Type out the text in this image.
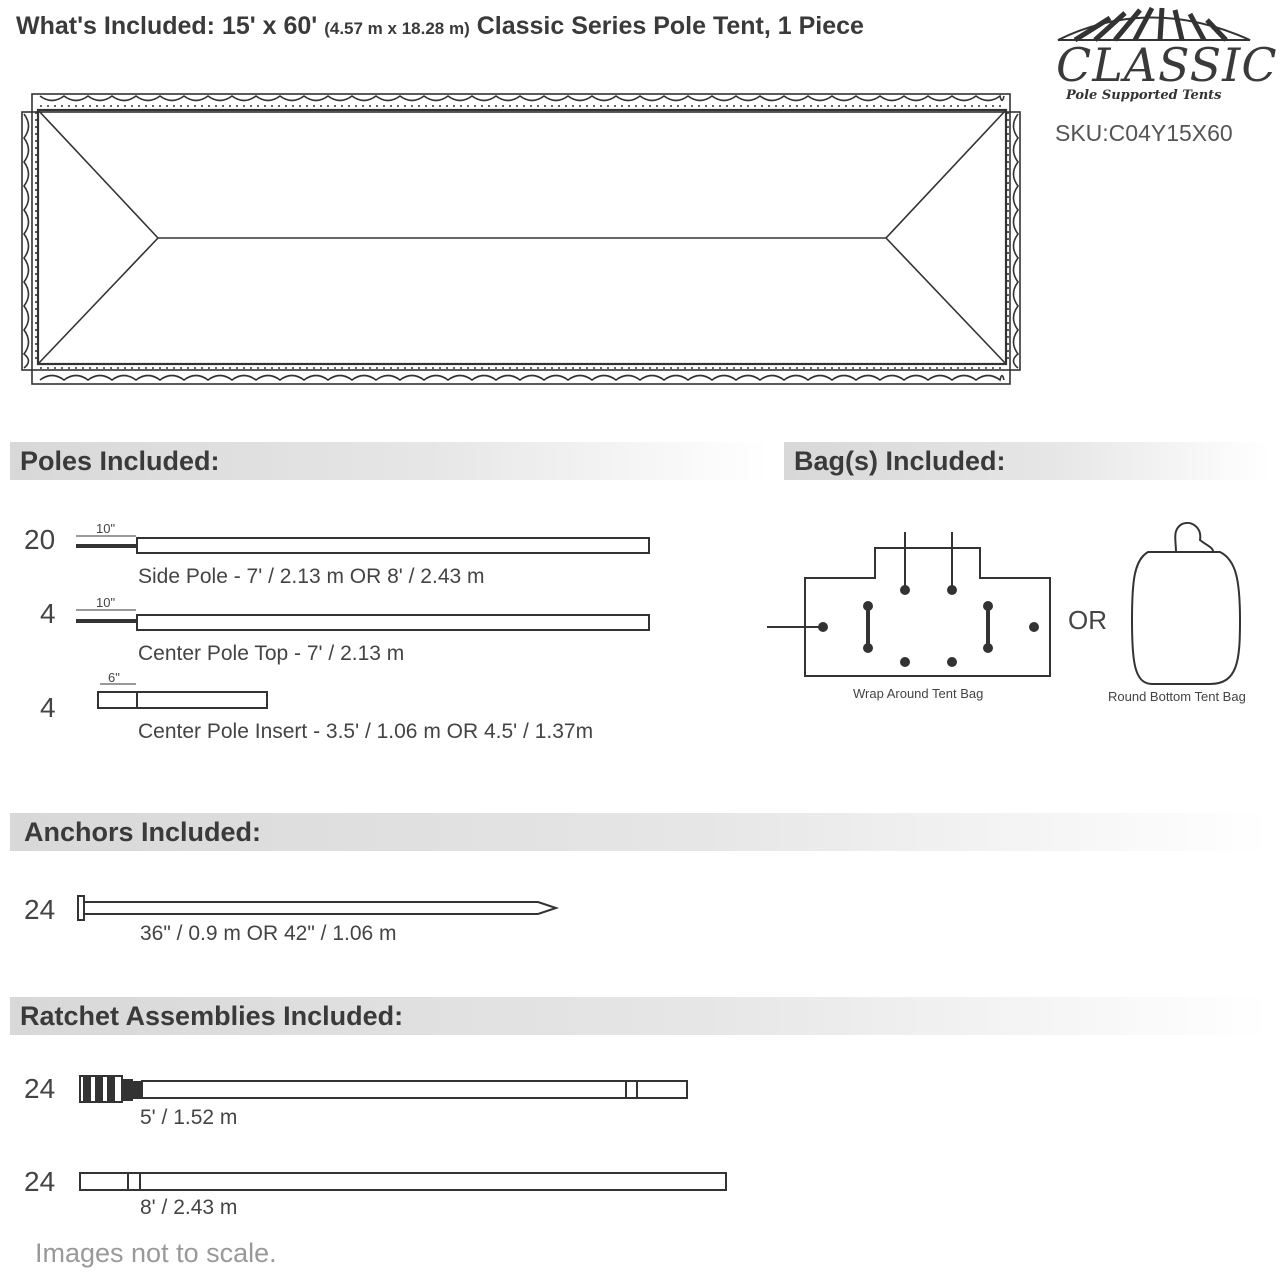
What's Included: 15' x 60' (4.57 m x 18.28 m) Classic Series Pole Tent, 1 Piece
CLASSIC
Pole Supported Tents
SKU:C04Y15X60
Poles Included:
20	10"
Side Pole - 7' / 2.13 m OR 8' / 2.43 m
4	10"
Center Pole Top - 7' / 2.13 m
4
6"
Center Pole Insert - 3.5' / 1.06 m OR 4.5' / 1.37m
Bag(s) Included:
OR
Wrap Around Tent Bag	Round Bottom Tent Bag
Anchors Included:
24
36" / 0.9 m OR 42" / 1.06 m
Ratchet Assemblies Included:
24
5' / 1.52 m
24
8' / 2.43 m
Images not to scale.
